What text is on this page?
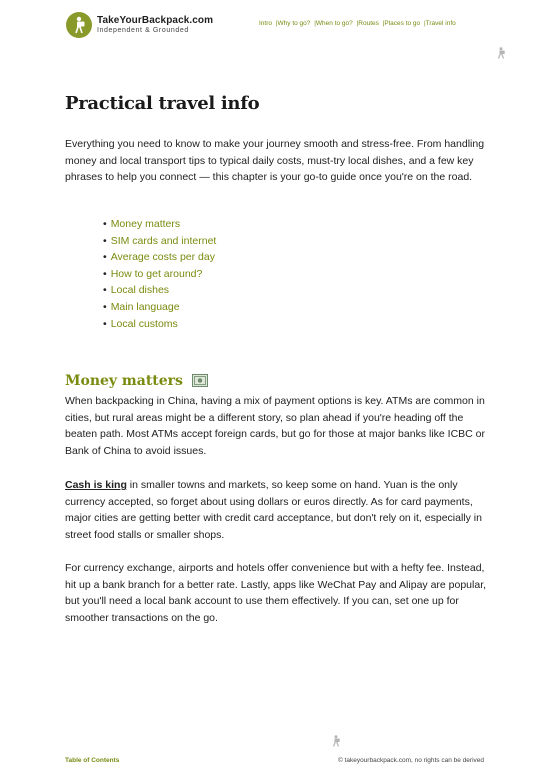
TakeYourBackpack.com
Independent & Grounded
Intro |Why to go? |When to go? |Routes |Places to go |Travel info
Practical travel info

Everything you need to know to make your journey smooth and stress-free. From handling money and local transport tips to typical daily costs, must-try local dishes, and a few key phrases to help you connect — this chapter is your go-to guide once you're on the road.

• Money matters
• SIM cards and internet
• Average costs per day
• How to get around?
• Local dishes
• Main language
• Local customs
Money matters

When backpacking in China, having a mix of payment options is key. ATMs are common in cities, but rural areas might be a different story, so plan ahead if you're heading off the beaten path. Most ATMs accept foreign cards, but go for those at major banks like ICBC or Bank of China to avoid issues.

Cash is king in smaller towns and markets, so keep some on hand. Yuan is the only currency accepted, so forget about using dollars or euros directly. As for card payments, major cities are getting better with credit card acceptance, but don't rely on it, especially in street food stalls or smaller shops.

For currency exchange, airports and hotels offer convenience but with a hefty fee. Instead, hit up a bank branch for a better rate. Lastly, apps like WeChat Pay and Alipay are popular, but you'll need a local bank account to use them effectively. If you can, set one up for smoother transactions on the go.

Table of Contents	© takeyourbackpack.com, no rights can be derived
